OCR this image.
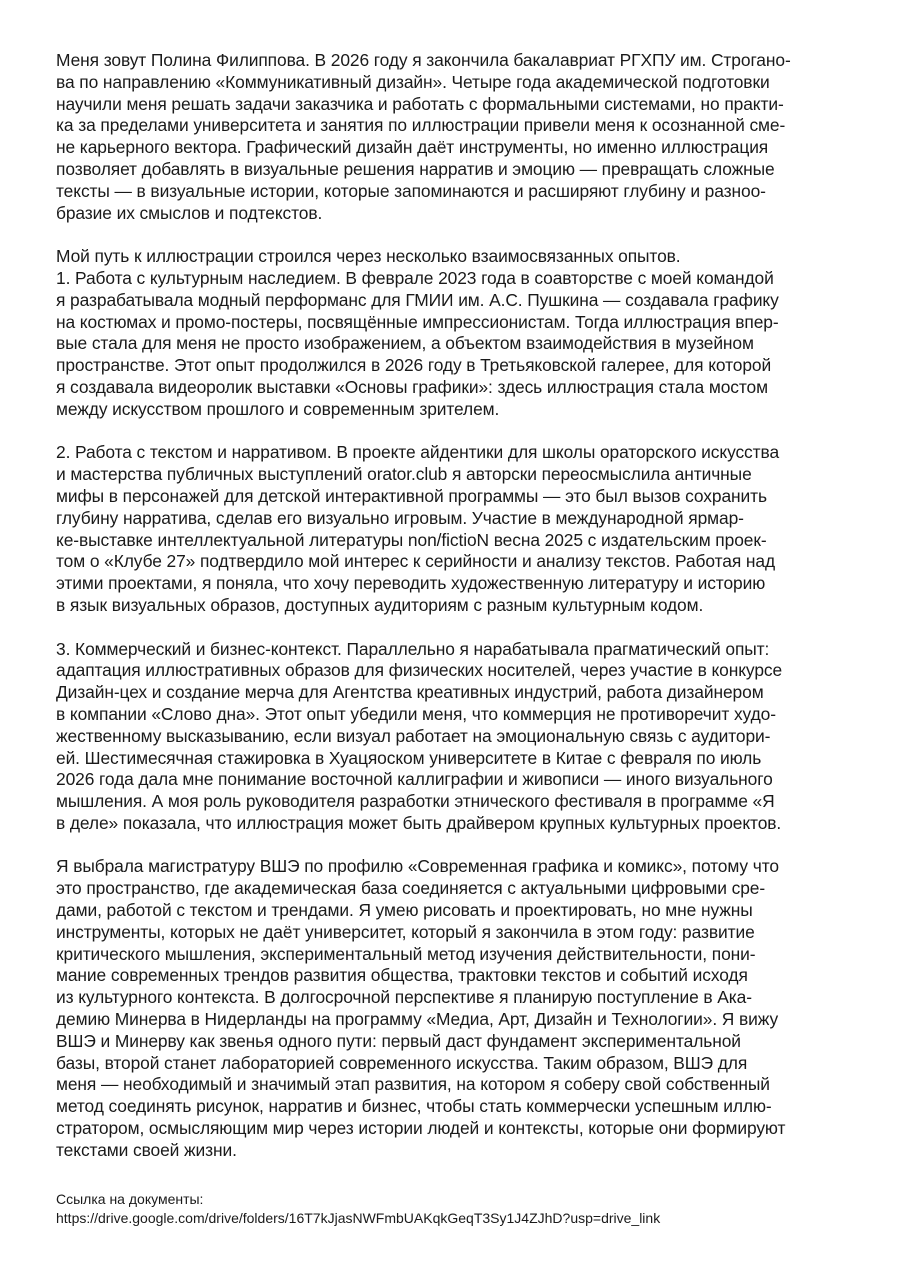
Меня зовут Полина Филиппова. В 2026 году я закончила бакалавриат РГХПУ им. Строгано-
ва по направлению «Коммуникативный дизайн». Четыре года академической подготовки
научили меня решать задачи заказчика и работать с формальными системами, но практи-
ка за пределами университета и занятия по иллюстрации привели меня к осознанной сме-
не карьерного вектора. Графический дизайн даёт инструменты, но именно иллюстрация
позволяет добавлять в визуальные решения нарратив и эмоцию — превращать сложные
тексты — в визуальные истории, которые запоминаются и расширяют глубину и разноо-
бразие их смыслов и подтекстов.

Мой путь к иллюстрации строился через несколько взаимосвязанных опытов.
1. Работа с культурным наследием. В феврале 2023 года в соавторстве с моей командой
я разрабатывала модный перформанс для ГМИИ им. А.С. Пушкина — создавала графику
на костюмах и промо-постеры, посвящённые импрессионистам. Тогда иллюстрация впер-
вые стала для меня не просто изображением, а объектом взаимодействия в музейном
пространстве. Этот опыт продолжился в 2026 году в Третьяковской галерее, для которой
я создавала видеоролик выставки «Основы графики»: здесь иллюстрация стала мостом
между искусством прошлого и современным зрителем.

2. Работа с текстом и нарративом. В проекте айдентики для школы ораторского искусства
и мастерства публичных выступлений orator.club я авторски переосмыслила античные
мифы в персонажей для детской интерактивной программы — это был вызов сохранить
глубину нарратива, сделав его визуально игровым. Участие в международной ярмар-
ке-выставке интеллектуальной литературы non/fictioN весна 2025 с издательским проек-
том о «Клубе 27» подтвердило мой интерес к серийности и анализу текстов. Работая над
этими проектами, я поняла, что хочу переводить художественную литературу и историю
в язык визуальных образов, доступных аудиториям с разным культурным кодом.

3. Коммерческий и бизнес-контекст. Параллельно я нарабатывала прагматический опыт:
адаптация иллюстративных образов для физических носителей, через участие в конкурсе
Дизайн-цех и создание мерча для Агентства креативных индустрий, работа дизайнером
в компании «Слово дна». Этот опыт убедили меня, что коммерция не противоречит худо-
жественному высказыванию, если визуал работает на эмоциональную связь с аудитори-
ей. Шестимесячная стажировка в Хуацяоском университете в Китае с февраля по июль
2026 года дала мне понимание восточной каллиграфии и живописи — иного визуального
мышления. А моя роль руководителя разработки этнического фестиваля в программе «Я
в деле» показала, что иллюстрация может быть драйвером крупных культурных проектов.

Я выбрала магистратуру ВШЭ по профилю «Современная графика и комикс», потому что
это пространство, где академическая база соединяется с актуальными цифровыми сре-
дами, работой с текстом и трендами. Я умею рисовать и проектировать, но мне нужны
инструменты, которых не даёт университет, который я закончила в этом году: развитие
критического мышления, экспериментальный метод изучения действительности, пони-
мание современных трендов развития общества, трактовки текстов и событий исходя
из культурного контекста. В долгосрочной перспективе я планирую поступление в Ака-
демию Минерва в Нидерланды на программу «Медиа, Арт, Дизайн и Технологии». Я вижу
ВШЭ и Минерву как звенья одного пути: первый даст фундамент экспериментальной
базы, второй станет лабораторией современного искусства. Таким образом, ВШЭ для
меня — необходимый и значимый этап развития, на котором я соберу свой собственный
метод соединять рисунок, нарратив и бизнес, чтобы стать коммерчески успешным иллю-
стратором, осмысляющим мир через истории людей и контексты, которые они формируют
текстами своей жизни.

Ссылка на документы:
https://drive.google.com/drive/folders/16T7kJjasNWFmbUAKqkGeqT3Sy1J4ZJhD?usp=drive_link
